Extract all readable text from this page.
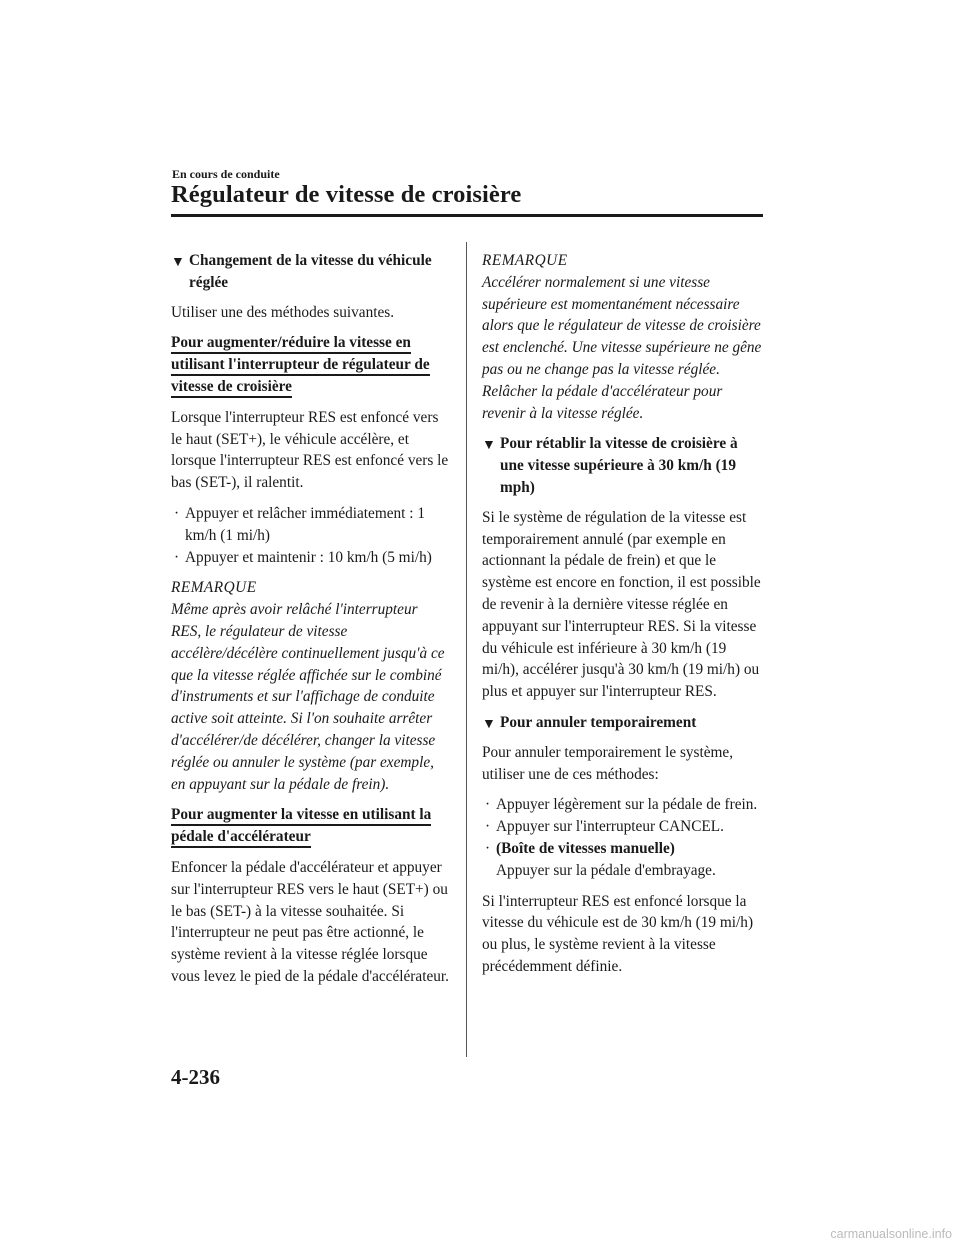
En cours de conduite
Régulateur de vitesse de croisière
▼ Changement de la vitesse du véhicule réglée

Utiliser une des méthodes suivantes.

Pour augmenter/réduire la vitesse en utilisant l'interrupteur de régulateur de vitesse de croisière

Lorsque l'interrupteur RES est enfoncé vers le haut (SET+), le véhicule accélère, et lorsque l'interrupteur RES est enfoncé vers le bas (SET-), il ralentit.

· Appuyer et relâcher immédiatement : 1 km/h (1 mi/h)
· Appuyer et maintenir : 10 km/h (5 mi/h)
REMARQUE
Même après avoir relâché l'interrupteur RES, le régulateur de vitesse accélère/décélère continuellement jusqu'à ce que la vitesse réglée affichée sur le combiné d'instruments et sur l'affichage de conduite active soit atteinte. Si l'on souhaite arrêter d'accélérer/de décélérer, changer la vitesse réglée ou annuler le système (par exemple, en appuyant sur la pédale de frein).
Pour augmenter la vitesse en utilisant la pédale d'accélérateur

Enfoncer la pédale d'accélérateur et appuyer sur l'interrupteur RES vers le haut (SET+) ou le bas (SET-) à la vitesse souhaitée. Si l'interrupteur ne peut pas être actionné, le système revient à la vitesse réglée lorsque vous levez le pied de la pédale d'accélérateur.

REMARQUE
Accélérer normalement si une vitesse supérieure est momentanément nécessaire alors que le régulateur de vitesse de croisière est enclenché. Une vitesse supérieure ne gêne pas ou ne change pas la vitesse réglée. Relâcher la pédale d'accélérateur pour revenir à la vitesse réglée.
▼ Pour rétablir la vitesse de croisière à une vitesse supérieure à 30 km/h (19 mph)

Si le système de régulation de la vitesse est temporairement annulé (par exemple en actionnant la pédale de frein) et que le système est encore en fonction, il est possible de revenir à la dernière vitesse réglée en appuyant sur l'interrupteur RES. Si la vitesse du véhicule est inférieure à 30 km/h (19 mi/h), accélérer jusqu'à 30 km/h (19 mi/h) ou plus et appuyer sur l'interrupteur RES.

▼ Pour annuler temporairement

Pour annuler temporairement le système, utiliser une de ces méthodes:

· Appuyer légèrement sur la pédale de frein.
· Appuyer sur l'interrupteur CANCEL.
· (Boîte de vitesses manuelle)
Appuyer sur la pédale d'embrayage.

Si l'interrupteur RES est enfoncé lorsque la vitesse du véhicule est de 30 km/h (19 mi/h) ou plus, le système revient à la vitesse précédemment définie.

4-236
carmanualsonline.info
